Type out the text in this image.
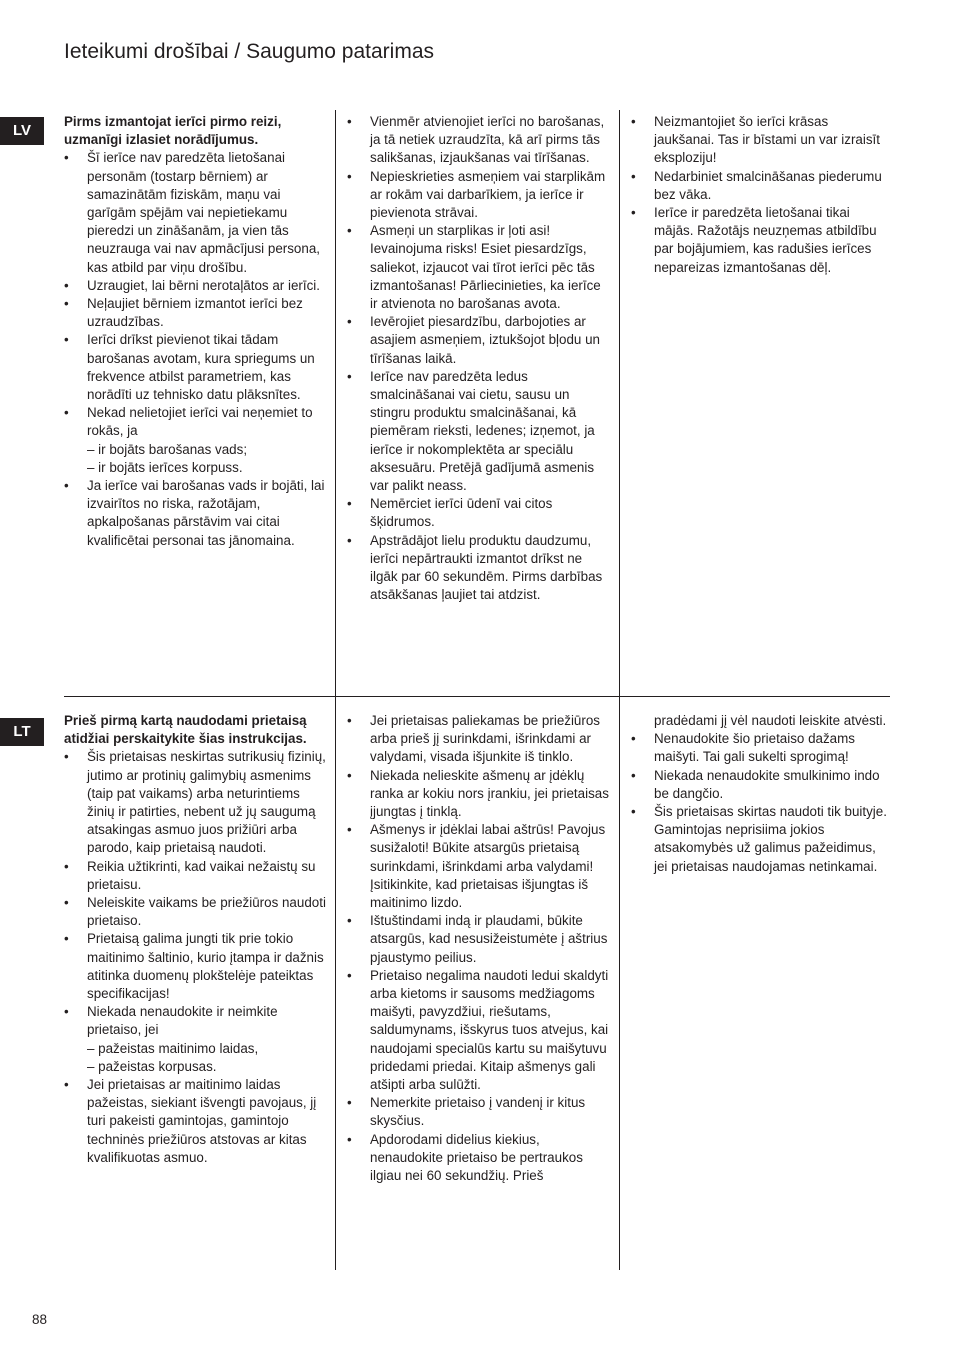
Ieteikumi drošībai / Saugumo patarimas
LV

Pirms izmantojat ierīci pirmo reizi, uzmanīgi izlasiet norādījumus.

• Šī ierīce nav paredzēta lietošanai personām (tostarp bērniem) ar samazinātām fiziskām, maņu vai garīgām spējām vai nepietiekamu pieredzi un zināšanām, ja vien tās neuzrauga vai nav apmācījusi persona, kas atbild par viņu drošību.
• Uzraugiet, lai bērni nerotaļātos ar ierīci.
• Neļaujiet bērniem izmantot ierīci bez uzraudzības.
• Ierīci drīkst pievienot tikai tādam barošanas avotam, kura spriegums un frekvence atbilst parametriem, kas norādīti uz tehnisko datu plāksnītes.
• Nekad nelietojiet ierīci vai neņemiet to rokās, ja
– ir bojāts barošanas vads;
– ir bojāts ierīces korpuss.
• Ja ierīce vai barošanas vads ir bojāti, lai izvairītos no riska, ražotājam, apkalpošanas pārstāvim vai citai kvalificētai personai tas jānomaina.
• Vienmēr atvienojiet ierīci no barošanas, ja tā netiek uzraudzīta, kā arī pirms tās salikšanas, izjaukšanas vai tīrīšanas.
• Nepieskrieties asmeņiem vai starplikām ar rokām vai darbarīkiem, ja ierīce ir pievienota strāvai.
• Asmeņi un starplikas ir ļoti asi! Ievainojuma risks! Esiet piesardzīgs, saliekot, izjaucot vai tīrot ierīci pēc tās izmantošanas! Pārliecinieties, ka ierīce ir atvienota no barošanas avota.
• Ievērojiet piesardzību, darbojoties ar asajiem asmeņiem, iztukšojot bļodu un tīrīšanas laikā.
• Ierīce nav paredzēta ledus smalcināšanai vai cietu, sausu un stingru produktu smalcināšanai, kā piemēram rieksti, ledenes; izņemot, ja ierīce ir nokomplektēta ar speciālu aksesuāru. Pretējā gadījumā asmenis var palikt neass.
• Nemērciet ierīci ūdenī vai citos šķidrumos.
• Apstrādājot lielu produktu daudzumu, ierīci nepārtraukti izmantot drīkst ne ilgāk par 60 sekundēm. Pirms darbības atsākšanas ļaujiet tai atdzist.
• Neizmantojiet šo ierīci krāsas jaukšanai. Tas ir bīstami un var izraisīt eksploziju!
• Nedarbiniet smalcināšanas piederumu bez vāka.
• Ierīce ir paredzēta lietošanai tikai mājās. Ražotājs neuzņemas atbildību par bojājumiem, kas radušies ierīces nepareizas izmantošanas dēļ.
LT

Prieš pirmą kartą naudodami prietaisą atidžiai perskaitykite šias instrukcijas.

• Šis prietaisas neskirtas sutrikusių fizinių, jutimo ar protinių galimybių asmenims (taip pat vaikams) arba neturintiems žinių ir patirties, nebent už jų saugumą atsakingas asmuo juos prižiūri arba parodo, kaip prietaisą naudoti.
• Reikia užtikrinti, kad vaikai nežaistų su prietaisu.
• Neleiskite vaikams be priežiūros naudoti prietaiso.
• Prietaisą galima jungti tik prie tokio maitinimo šaltinio, kurio įtampa ir dažnis atitinka duomenų plokštelėje pateiktas specifikacijas!
• Niekada nenaudokite ir neimkite prietaiso, jei
– pažeistas maitinimo laidas,
– pažeistas korpusas.
• Jei prietaisas ar maitinimo laidas pažeistas, siekiant išvengti pavojaus, jį turi pakeisti gamintojas, gamintojo techninės priežiūros atstovas ar kitas kvalifikuotas asmuo.
• Jei prietaisas paliekamas be priežiūros arba prieš jį surinkdami, išrinkdami ar valydami, visada išjunkite iš tinklo.
• Niekada nelieskite ašmenų ar įdėklų ranka ar kokiu nors įrankiu, jei prietaisas įjungtas į tinklą.
• Ašmenys ir įdėklai labai aštrūs! Pavojus susižaloti! Būkite atsargūs prietaisą surinkdami, išrinkdami arba valydami! Įsitikinkite, kad prietaisas išjungtas iš maitinimo lizdo.
• Ištuštindami indą ir plaudami, būkite atsargūs, kad nesusižeistumėte į aštrius pjaustymo peilius.
• Prietaiso negalima naudoti ledui skaldyti arba kietoms ir sausoms medžiagoms maišyti, pavyzdžiui, riešutams, saldumynams, išskyrus tuos atvejus, kai naudojami specialūs kartu su maišytuvu pridedami priedai. Kitaip ašmenys gali atšipti arba sulūžti.
• Nemerkite prietaiso į vandenį ir kitus skysčius.
• Apdorodami didelius kiekius, nenaudokite prietaiso be pertraukos ilgiau nei 60 sekundžių. Prieš

pradėdami jį vėl naudoti leiskite atvėsti.

• Nenaudokite šio prietaiso dažams maišyti. Tai gali sukelti sprogimą!
• Niekada nenaudokite smulkinimo indo be dangčio.
• Šis prietaisas skirtas naudoti tik buityje. Gamintojas neprisiima jokios atsakomybės už galimus pažeidimus, jei prietaisas naudojamas netinkamai.
88
